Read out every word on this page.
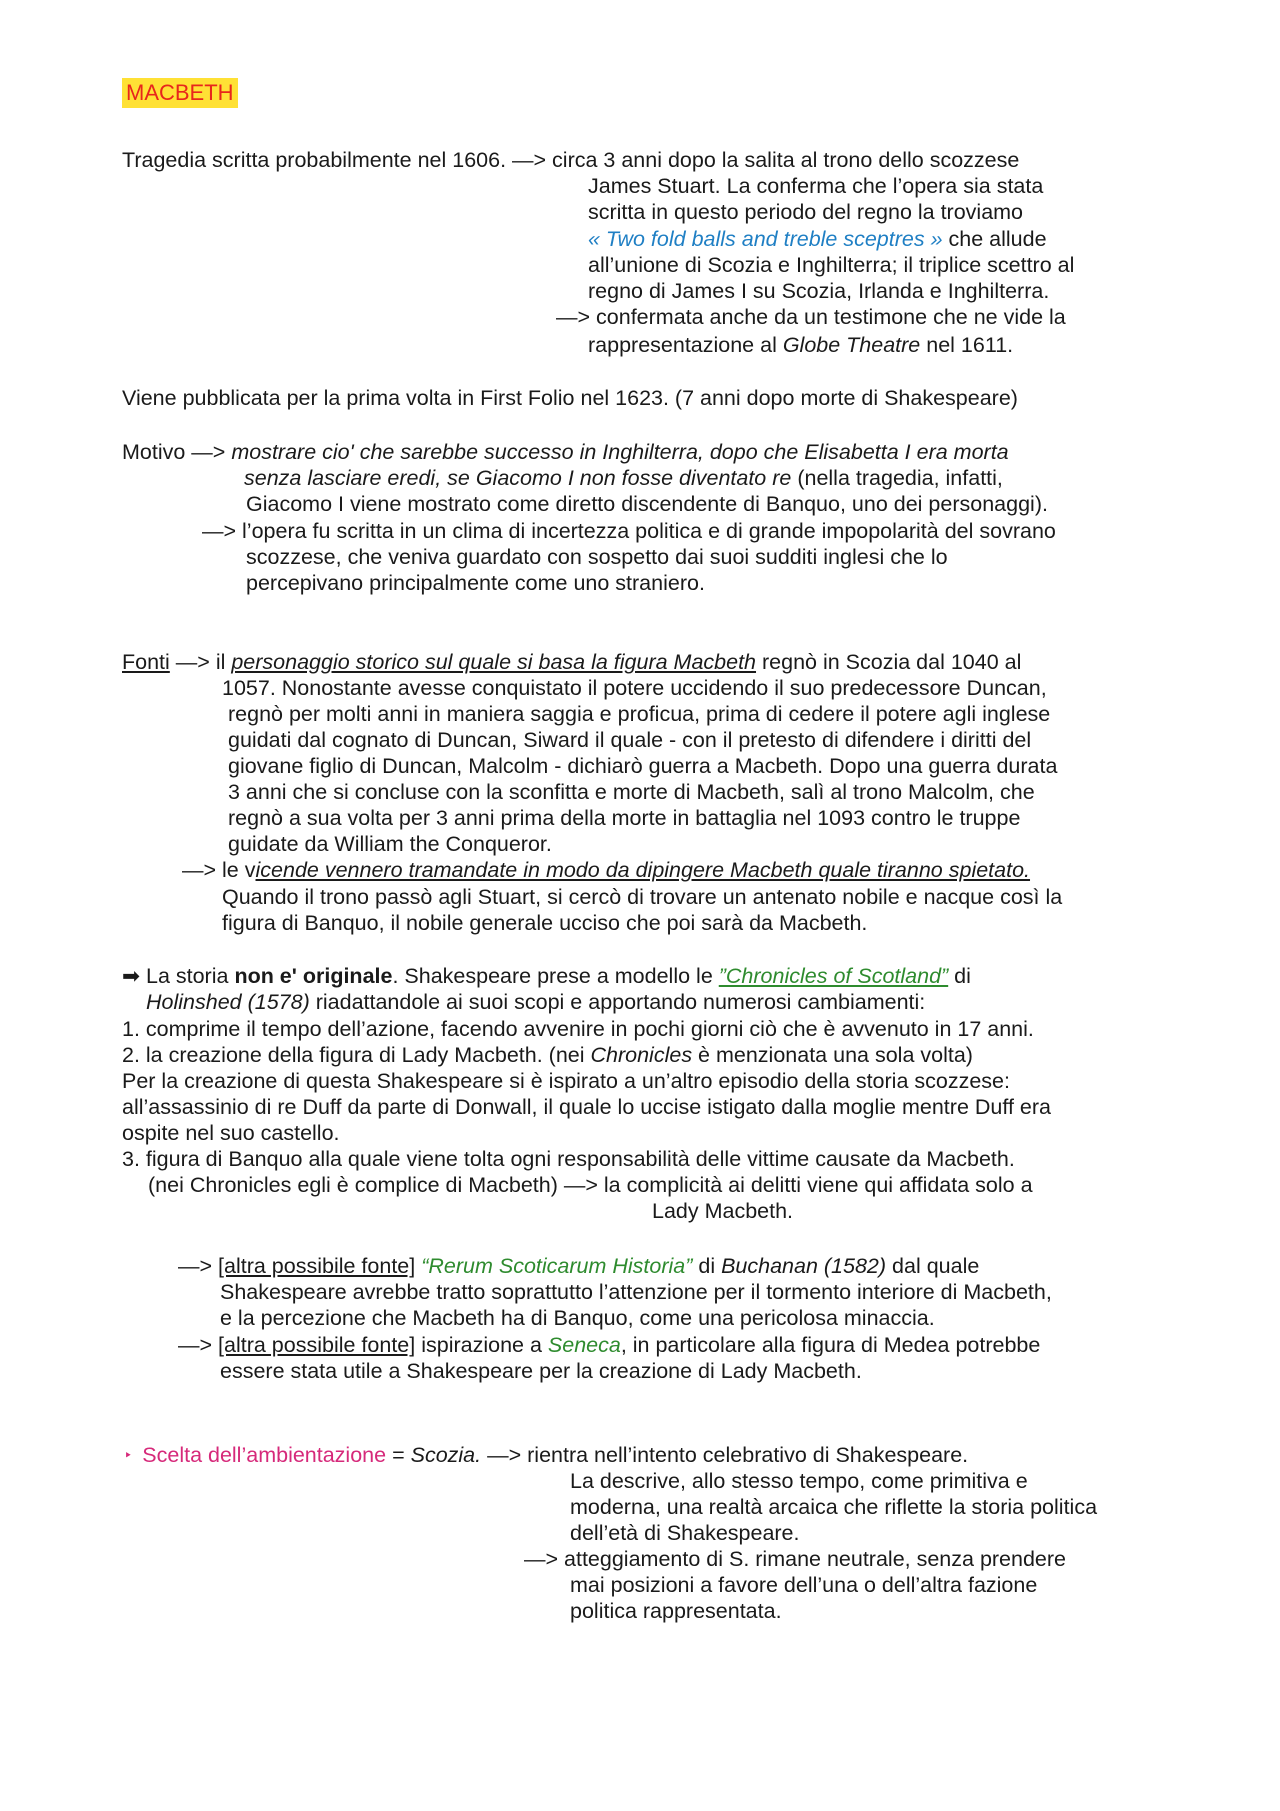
MACBETH
Tragedia scritta probabilmente nel 1606. —> circa 3 anni dopo la salita al trono dello scozzese
James Stuart. La conferma che l’opera sia stata
scritta in questo periodo del regno la troviamo
« Two fold balls and treble sceptres » che allude
all’unione di Scozia e Inghilterra; il triplice scettro al
regno di James I su Scozia, Irlanda e Inghilterra.
—> confermata anche da un testimone che ne vide la
rappresentazione al Globe Theatre nel 1611.
Viene pubblicata per la prima volta in First Folio nel 1623. (7 anni dopo morte di Shakespeare)
Motivo —> mostrare cio' che sarebbe successo in Inghilterra, dopo che Elisabetta I era morta
senza lasciare eredi, se Giacomo I non fosse diventato re (nella tragedia, infatti,
Giacomo I viene mostrato come diretto discendente di Banquo, uno dei personaggi).
—> l’opera fu scritta in un clima di incertezza politica e di grande impopolarità del sovrano
scozzese, che veniva guardato con sospetto dai suoi sudditi inglesi che lo
percepivano principalmente come uno straniero.
Fonti —> il personaggio storico sul quale si basa la figura Macbeth regnò in Scozia dal 1040 al
1057. Nonostante avesse conquistato il potere uccidendo il suo predecessore Duncan,
regnò per molti anni in maniera saggia e proficua, prima di cedere il potere agli inglese
guidati dal cognato di Duncan, Siward il quale - con il pretesto di difendere i diritti del
giovane figlio di Duncan, Malcolm - dichiarò guerra a Macbeth. Dopo una guerra durata
3 anni che si concluse con la sconfitta e morte di Macbeth, salì al trono Malcolm, che
regnò a sua volta per 3 anni prima della morte in battaglia nel 1093 contro le truppe
guidate da William the Conqueror.
—> le vicende vennero tramandate in modo da dipingere Macbeth quale tiranno spietato.
Quando il trono passò agli Stuart, si cercò di trovare un antenato nobile e nacque così la
figura di Banquo, il nobile generale ucciso che poi sarà da Macbeth.
➡ La storia non e' originale. Shakespeare prese a modello le ”Chronicles of Scotland” di
Holinshed (1578) riadattandole ai suoi scopi e apportando numerosi cambiamenti:
1. comprime il tempo dell’azione, facendo avvenire in pochi giorni ciò che è avvenuto in 17 anni.
2. la creazione della figura di Lady Macbeth. (nei Chronicles è menzionata una sola volta)
Per la creazione di questa Shakespeare si è ispirato a un’altro episodio della storia scozzese:
all’assassinio di re Duff da parte di Donwall, il quale lo uccise istigato dalla moglie mentre Duff era
ospite nel suo castello.
3. figura di Banquo alla quale viene tolta ogni responsabilità delle vittime causate da Macbeth.
(nei Chronicles egli è complice di Macbeth) —> la complicità ai delitti viene qui affidata solo a
Lady Macbeth.
—> [altra possibile fonte] “Rerum Scoticarum Historia” di Buchanan (1582) dal quale
Shakespeare avrebbe tratto soprattutto l’attenzione per il tormento interiore di Macbeth,
e la percezione che Macbeth ha di Banquo, come una pericolosa minaccia.
—> [altra possibile fonte] ispirazione a Seneca, in particolare alla figura di Medea potrebbe
essere stata utile a Shakespeare per la creazione di Lady Macbeth.
‣ Scelta dell’ambientazione = Scozia. —> rientra nell’intento celebrativo di Shakespeare.
La descrive, allo stesso tempo, come primitiva e
moderna, una realtà arcaica che riflette la storia politica
dell’età di Shakespeare.
—> atteggiamento di S. rimane neutrale, senza prendere
mai posizioni a favore dell’una o dell’altra fazione
politica rappresentata.
